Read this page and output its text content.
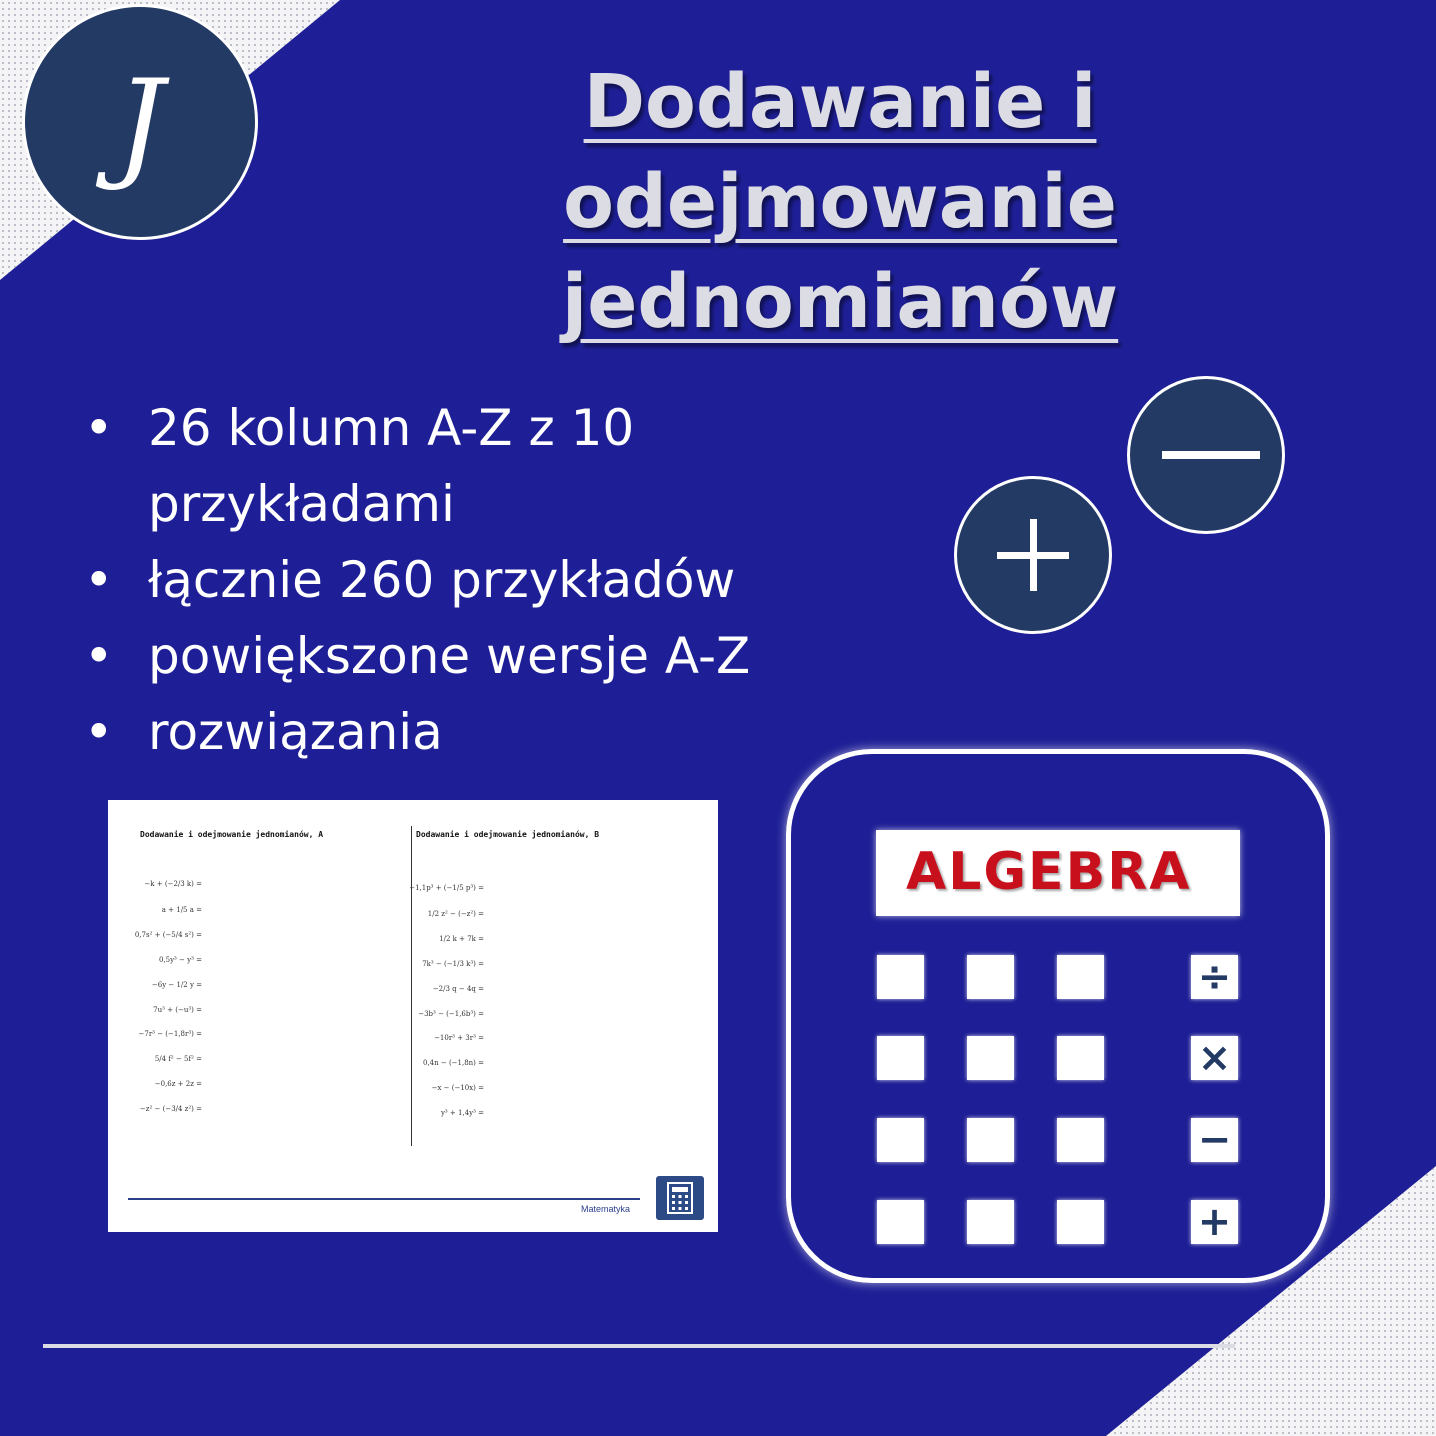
J	Dodawanie i odejmowanie
jednomianów
• 26 kolumn A-Z z 10
przykładami
• łącznie 260 przykładów
• powiększone wersje A-Z
• rozwiązania
Dodawanie i odejmowanie jednomianów, A	Dodawanie i odejmowanie jednomianów, B
−k + (−2/3 k) =
a + 1/5 a =
0,7s² + (−5/4 s²) =
0,5y³ − y³ =
−6y − 1/2 y =
7u³ + (−u³) =
−7r³ − (−1,8r³) =
5/4 f² − 5f² =
−0,6z + 2z =
−z² − (−3/4 z²) =
−1,1p³ + (−1/5 p³) =
1/2 z² − (−z²) =
1/2 k + 7k =
7k³ − (−1/3 k³) =
−2/3 q − 4q =
−3b³ − (−1,6b³) =
−10r³ + 3r³ =
0,4n − (−1,8n) =
−x − (−10x) =
y³ + 1,4y³ =
Matematyka
ALGEBRA
÷
×
−
+
